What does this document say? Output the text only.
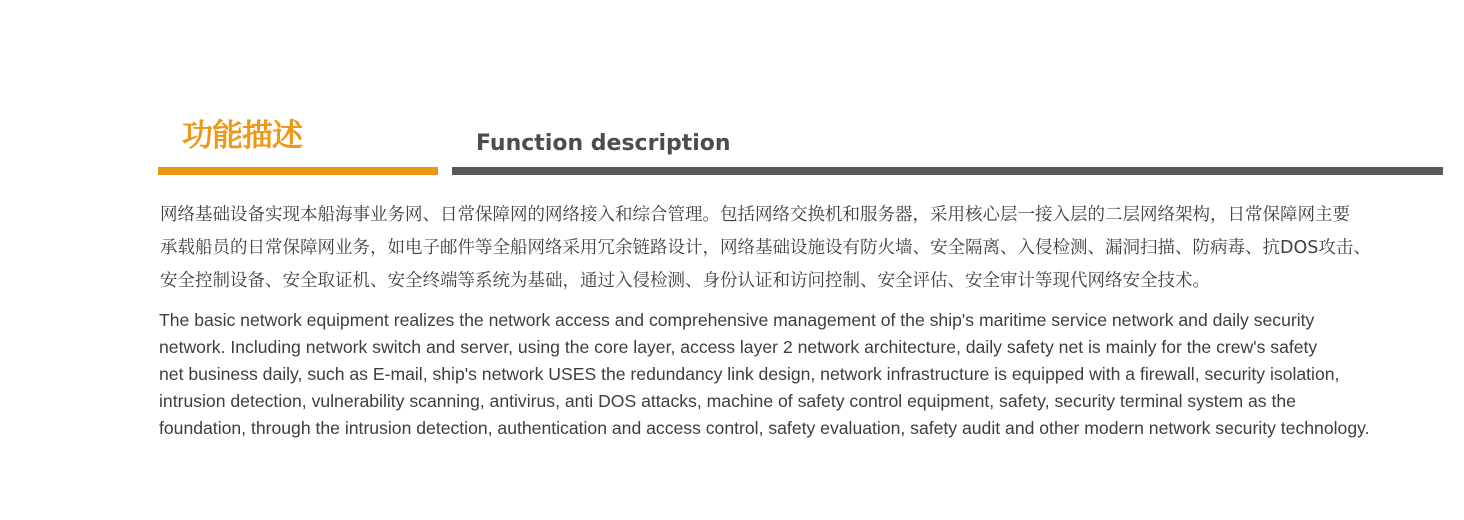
功能描述	Function description

网络基础设备实现本船海事业务网、日常保障网的网络接入和综合管理。包括网络交换机和服务器，采用核心层一接入层的二层网络架构，日常保障网主要
承载船员的日常保障网业务，如电子邮件等全船网络采用冗余链路设计，网络基础设施设有防火墙、安全隔离、入侵检测、漏洞扫描、防病毒、抗DOS攻击、
安全控制设备、安全取证机、安全终端等系统为基础，通过入侵检测、身份认证和访问控制、安全评估、安全审计等现代网络安全技术。

The basic network equipment realizes the network access and comprehensive management of the ship's maritime service network and daily security
network. Including network switch and server, using the core layer, access layer 2 network architecture, daily safety net is mainly for the crew's safety
net business daily, such as E-mail, ship's network USES the redundancy link design, network infrastructure is equipped with a firewall, security isolation,
intrusion detection, vulnerability scanning, antivirus, anti DOS attacks, machine of safety control equipment, safety, security terminal system as the
foundation, through the intrusion detection, authentication and access control, safety evaluation, safety audit and other modern network security technology.
